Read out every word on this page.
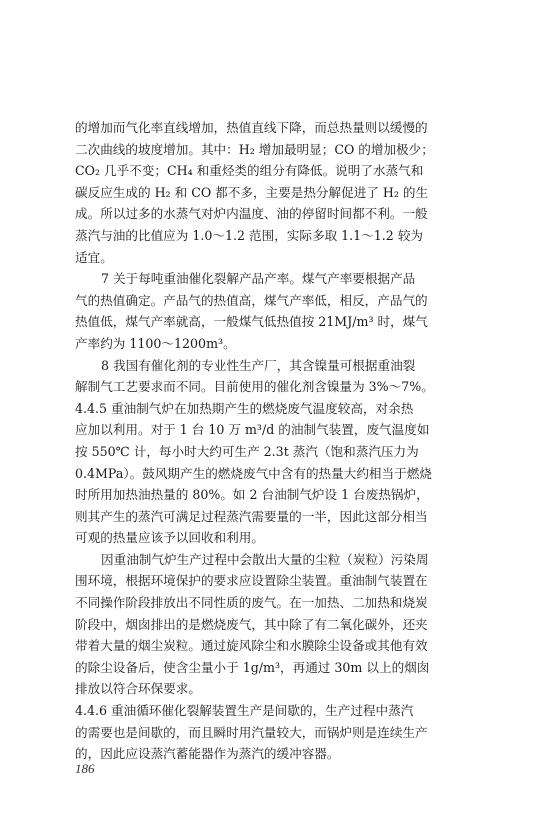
的增加而气化率直线增加，热值直线下降，而总热量则以缓慢的
二次曲线的坡度增加。其中：H₂ 增加最明显；CO 的增加极少；
CO₂ 几乎不变；CH₄ 和重烃类的组分有降低。说明了水蒸气和
碳反应生成的 H₂ 和 CO 都不多，主要是热分解促进了 H₂ 的生
成。所以过多的水蒸气对炉内温度、油的停留时间都不利。一般
蒸汽与油的比值应为 1.0～1.2 范围，实际多取 1.1～1.2 较为
适宜。
7 关于每吨重油催化裂解产品产率。煤气产率要根据产品
气的热值确定。产品气的热值高，煤气产率低，相反，产品气的
热值低，煤气产率就高，一般煤气低热值按 21MJ/m³ 时，煤气
产率约为 1100～1200m³。
8 我国有催化剂的专业性生产厂，其含镍量可根据重油裂
解制气工艺要求而不同。目前使用的催化剂含镍量为 3%～7%。
4.4.5 重油制气炉在加热期产生的燃烧废气温度较高，对余热
应加以利用。对于 1 台 10 万 m³/d 的油制气装置，废气温度如
按 550℃ 计，每小时大约可生产 2.3t 蒸汽（饱和蒸汽压力为
0.4MPa）。鼓风期产生的燃烧废气中含有的热量大约相当于燃烧
时所用加热油热量的 80%。如 2 台油制气炉设 1 台废热锅炉，
则其产生的蒸汽可满足过程蒸汽需要量的一半，因此这部分相当
可观的热量应该予以回收和利用。
因重油制气炉生产过程中会散出大量的尘粒（炭粒）污染周
围环境，根据环境保护的要求应设置除尘装置。重油制气装置在
不同操作阶段排放出不同性质的废气。在一加热、二加热和烧炭
阶段中，烟囱排出的是燃烧废气，其中除了有二氧化碳外，还夹
带着大量的烟尘炭粒。通过旋风除尘和水膜除尘设备或其他有效
的除尘设备后，使含尘量小于 1g/m³，再通过 30m 以上的烟囱
排放以符合环保要求。
4.4.6 重油循环催化裂解装置生产是间歇的，生产过程中蒸汽
的需要也是间歇的，而且瞬时用汽量较大，而锅炉则是连续生产
的，因此应设蒸汽蓄能器作为蒸汽的缓冲容器。
186
